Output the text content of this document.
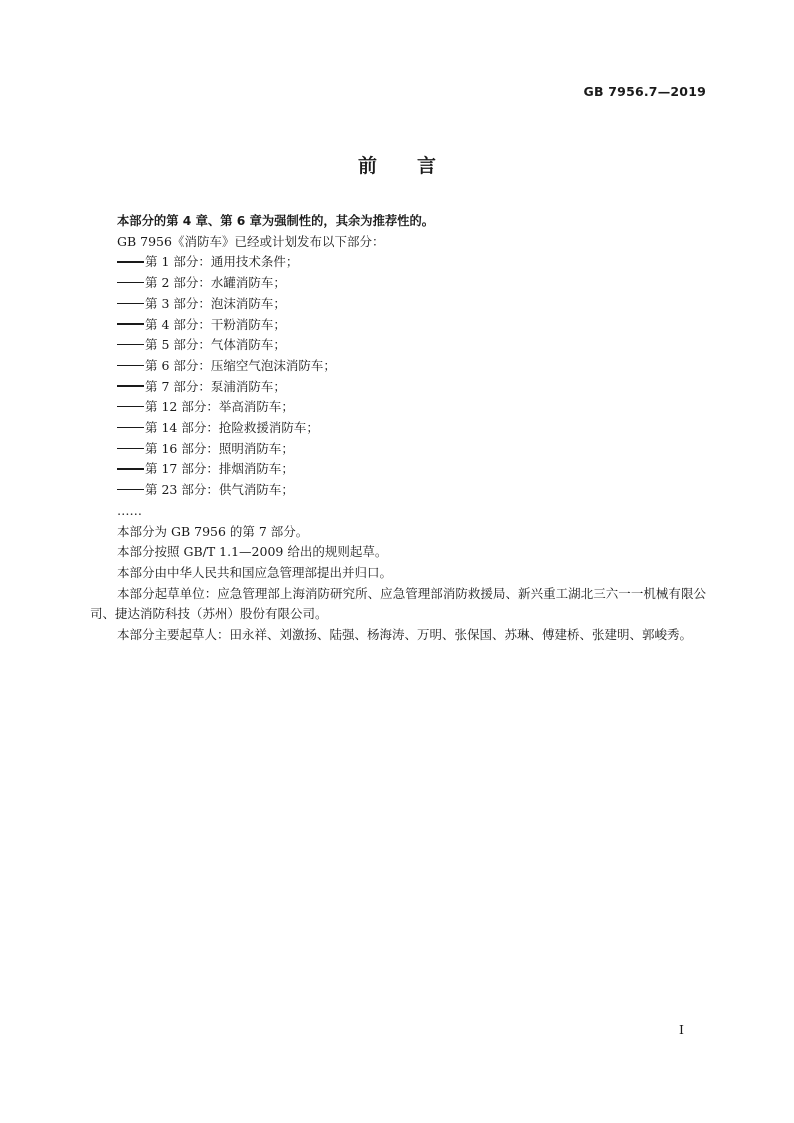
GB 7956.7—2019

前言

本部分的第 4 章、第 6 章为强制性的，其余为推荐性的。

GB 7956《消防车》已经或计划发布以下部分：

第 1 部分：通用技术条件；

第 2 部分：水罐消防车；

第 3 部分：泡沫消防车；

第 4 部分：干粉消防车；

第 5 部分：气体消防车；

第 6 部分：压缩空气泡沫消防车；

第 7 部分：泵浦消防车；

第 12 部分：举高消防车；

第 14 部分：抢险救援消防车；

第 16 部分：照明消防车；

第 17 部分：排烟消防车；

第 23 部分：供气消防车；

……

本部分为 GB 7956 的第 7 部分。

本部分按照 GB/T 1.1—2009 给出的规则起草。

本部分由中华人民共和国应急管理部提出并归口。

本部分起草单位：应急管理部上海消防研究所、应急管理部消防救援局、新兴重工湖北三六一一机械有限公司、捷达消防科技（苏州）股份有限公司。

本部分主要起草人：田永祥、刘激扬、陆强、杨海涛、万明、张保国、苏琳、傅建桥、张建明、郭峻秀。

I
